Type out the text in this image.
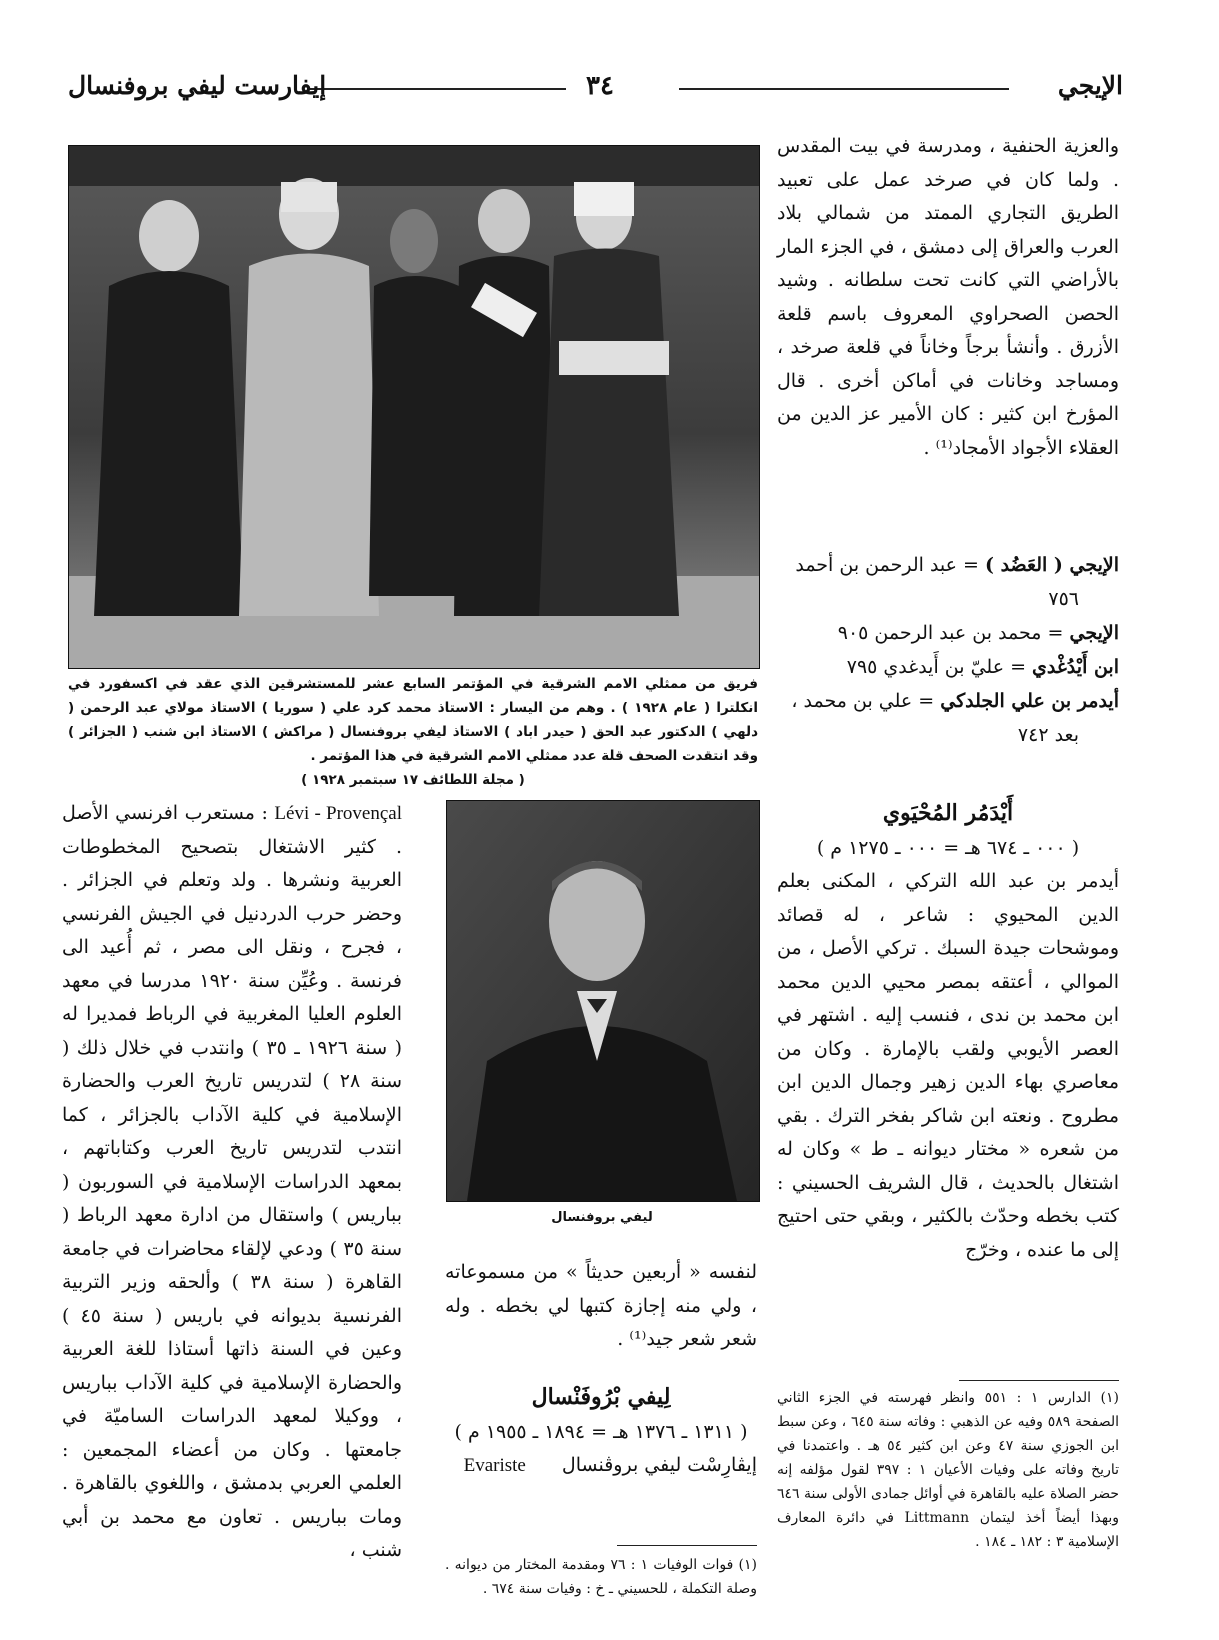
الإيجي
٣٤
إيفارست ليفي بروفنسال

والعزية الحنفية ، ومدرسة في بيت المقدس . ولما كان في صرخد عمل على تعبيد الطريق التجاري الممتد من شمالي بلاد العرب والعراق إلى دمشق ، في الجزء المار بالأراضي التي كانت تحت سلطانه . وشيد الحصن الصحراوي المعروف باسم قلعة الأزرق . وأنشأ برجاً وخاناً في قلعة صرخد ، ومساجد وخانات في أماكن أخرى . قال المؤرخ ابن كثير : كان الأمير عز الدين من العقلاء الأجواد الأمجاد⁽¹⁾ .

الإيجي ( العَضُد ) = عبد الرحمن بن أحمد

٧٥٦

الإيجي = محمد بن عبد الرحمن ٩٠٥

ابن أَيْدُغْدي = عليّ بن أَيدغدي ٧٩٥

أيدمر بن علي الجلدكي = علي بن محمد ،

بعد ٧٤٢

أَيْدَمُر المُحْيَوي

( ٠٠٠ ـ ٦٧٤ هـ = ٠٠٠ ـ ١٢٧٥ م )

أيدمر بن عبد الله التركي ، المكنى بعلم الدين المحيوي : شاعر ، له قصائد وموشحات جيدة السبك . تركي الأصل ، من الموالي ، أعتقه بمصر محيي الدين محمد ابن محمد بن ندى ، فنسب إليه . اشتهر في العصر الأيوبي ولقب بالإمارة . وكان من معاصري بهاء الدين زهير وجمال الدين ابن مطروح . ونعته ابن شاكر بفخر الترك . بقي من شعره « مختار ديوانه ـ ط » وكان له اشتغال بالحديث ، قال الشريف الحسيني : كتب بخطه وحدّث بالكثير ، وبقي حتى احتيج إلى ما عنده ، وخرّج

(١) الدارس ١ : ٥٥١ وانظر فهرسته في الجزء الثاني الصفحة ٥٨٩ وفيه عن الذهبي : وفاته سنة ٦٤٥ ، وعن سبط ابن الجوزي سنة ٤٧ وعن ابن كثير ٥٤ هـ . واعتمدنا في تاريخ وفاته على وفيات الأعيان ١ : ٣٩٧ لقول مؤلفه إنه حضر الصلاة عليه بالقاهرة في أوائل جمادى الأولى سنة ٦٤٦ وبهذا أيضاً أخذ ليتمان Littmann في دائرة المعارف الإسلامية ٣ : ١٨٢ ـ ١٨٤ .
فريق من ممثلي الامم الشرقية في المؤتمر السابع عشر للمستشرقين الذي عقد في اكسفورد في انكلترا ( عام ١٩٢٨ ) . وهم من اليسار : الاستاذ محمد كرد علي ( سوريا ) الاستاذ مولاي عبد الرحمن ( دلهي ) الدكتور عبد الحق ( حيدر اباد ) الاستاذ ليفي بروفنسال ( مراكش ) الاستاذ ابن شنب ( الجزائر ) وقد انتقدت الصحف قلة عدد ممثلي الامم الشرقية في هذا المؤتمر .
( مجلة اللطائف ١٧ سبتمبر ١٩٢٨ )
ليفي بروفنسال

لنفسه « أربعين حديثاً » من مسموعاته ، ولي منه إجازة كتبها لي بخطه . وله شعر شعر جيد⁽¹⁾ .

لِيفي بْرُوفَنْسال

( ١٣١١ ـ ١٣٧٦ هـ = ١٨٩٤ ـ ١٩٥٥ م )

إيڤارِسْت ليفي بروڤنسال Evariste

(١) فوات الوفيات ١ : ٧٦ ومقدمة المختار من ديوانه . وصلة التكملة ، للحسيني ـ خ : وفيات سنة ٦٧٤ .

Lévi - Provençal : مستعرب افرنسي الأصل . كثير الاشتغال بتصحيح المخطوطات العربية ونشرها . ولد وتعلم في الجزائر . وحضر حرب الدردنيل في الجيش الفرنسي ، فجرح ، ونقل الى مصر ، ثم أُعيد الى فرنسة . وعُيِّن سنة ١٩٢٠ مدرسا في معهد العلوم العليا المغربية في الرباط فمديرا له ( سنة ١٩٢٦ ـ ٣٥ ) وانتدب في خلال ذلك ( سنة ٢٨ ) لتدريس تاريخ العرب والحضارة الإسلامية في كلية الآداب بالجزائر ، كما انتدب لتدريس تاريخ العرب وكتاباتهم ، بمعهد الدراسات الإسلامية في السوربون ( بباريس ) واستقال من ادارة معهد الرباط ( سنة ٣٥ ) ودعي لإلقاء محاضرات في جامعة القاهرة ( سنة ٣٨ ) وألحقه وزير التربية الفرنسية بديوانه في باريس ( سنة ٤٥ ) وعين في السنة ذاتها أستاذا للغة العربية والحضارة الإسلامية في كلية الآداب بباريس ، ووكيلا لمعهد الدراسات الساميّة في جامعتها . وكان من أعضاء المجمعين : العلمي العربي بدمشق ، واللغوي بالقاهرة . ومات بباريس . تعاون مع محمد بن أبي شنب ،
